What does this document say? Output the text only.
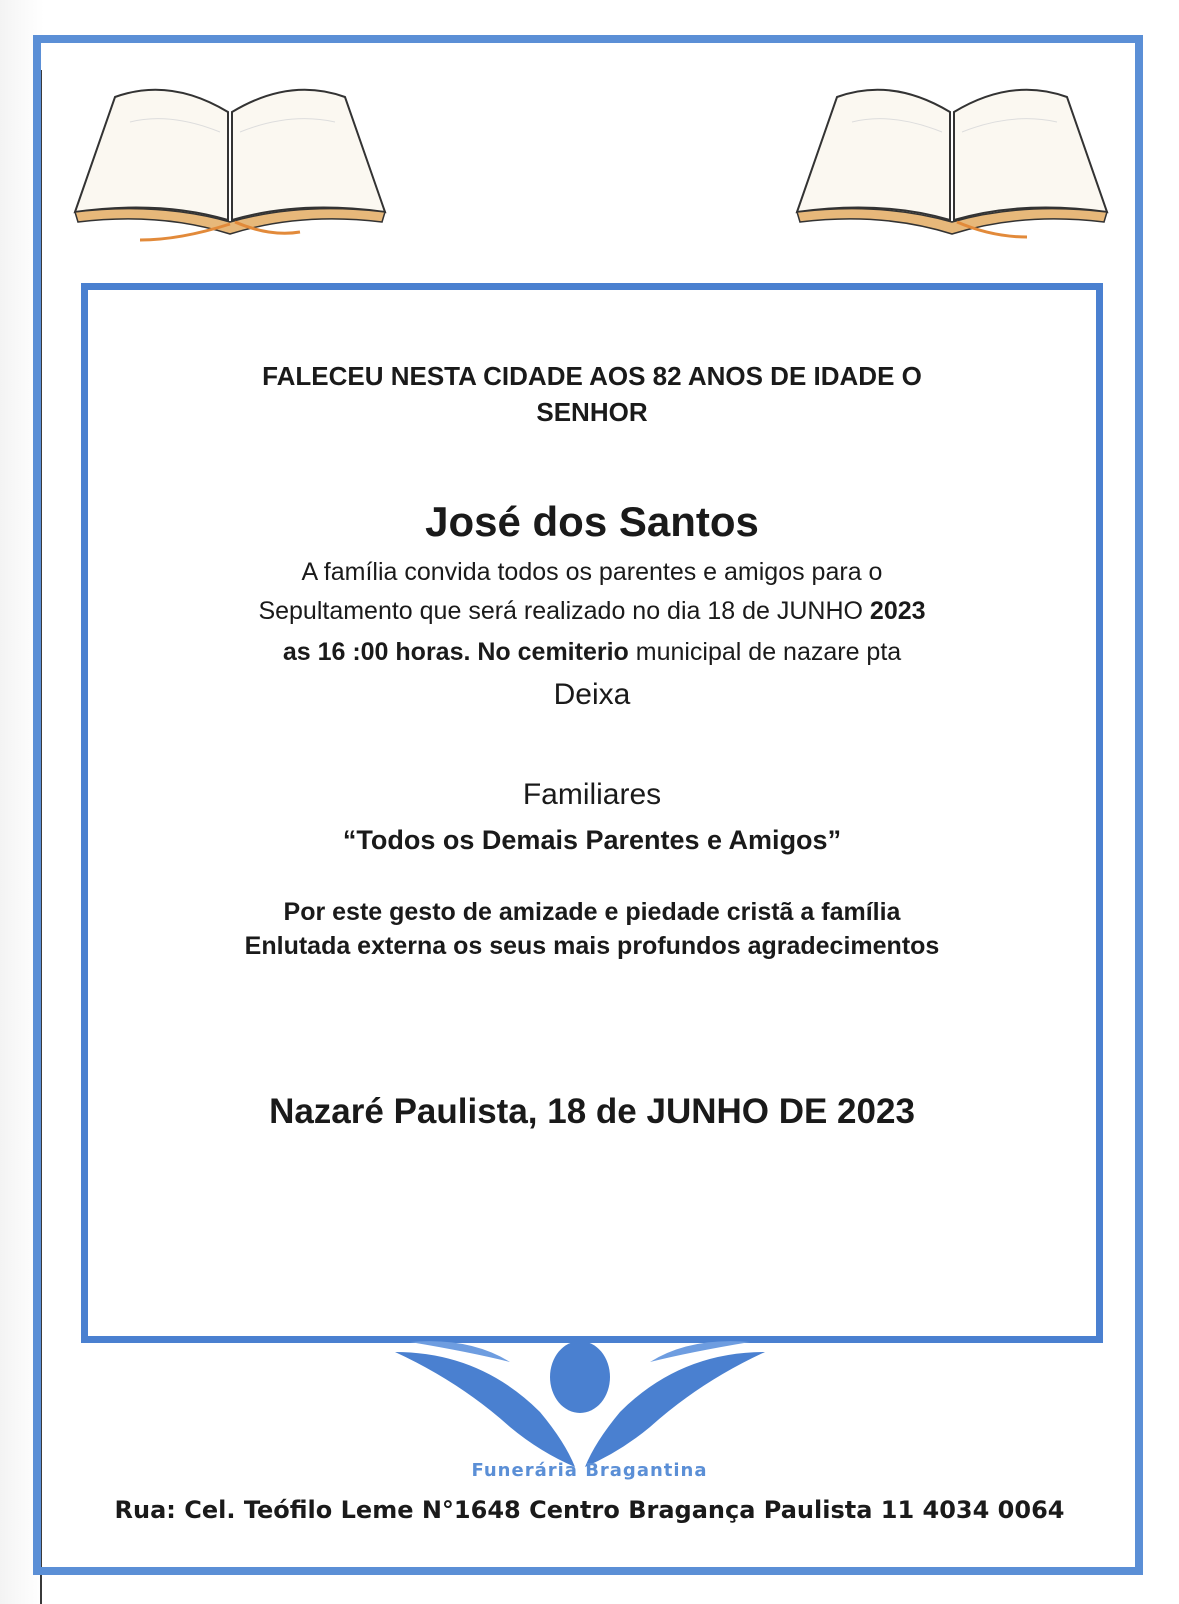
FALECEU NESTA CIDADE AOS 82 ANOS DE IDADE O SENHOR

José dos Santos

A família convida todos os parentes e amigos para o

Sepultamento que será realizado no dia 18 de JUNHO 2023

as 16 :00 horas. No cemiterio municipal de nazare pta

Deixa

Familiares

“Todos os Demais Parentes e Amigos”

Por este gesto de amizade e piedade cristã a família

Enlutada externa os seus mais profundos agradecimentos

Nazaré Paulista, 18 de JUNHO DE 2023

Funerária Bragantina
Rua: Cel. Teófilo Leme N°1648 Centro Bragança Paulista 11 4034 0064
